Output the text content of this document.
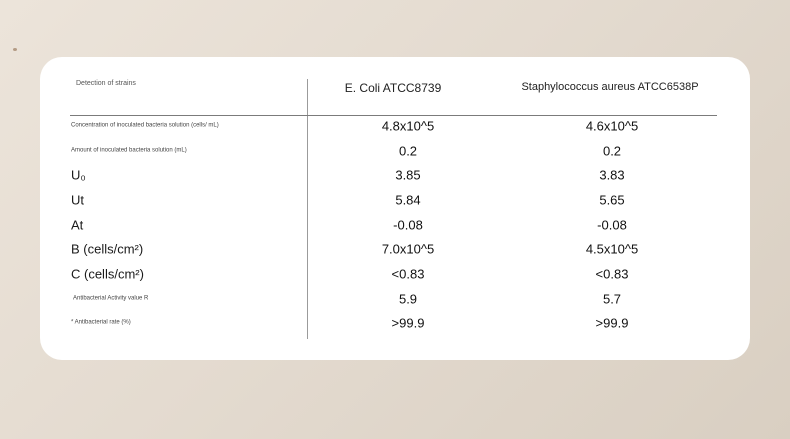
Detection of strains	E. Coli ATCC8739	Staphylococcus aureus ATCC6538P
Concentration of inoculated bacteria solution (cells/ mL)	4.8x10^5	4.6x10^5
Amount of inoculated bacteria solution (mL)	0.2	0.2
U₀	3.85	3.83
Ut	5.84	5.65
At	-0.08	-0.08
B (cells/cm²)	7.0x10^5	4.5x10^5
C (cells/cm²)	<0.83	<0.83
Antibacterial Activity value R	5.9	5.7
* Antibacterial rate (%)	>99.9	>99.9
